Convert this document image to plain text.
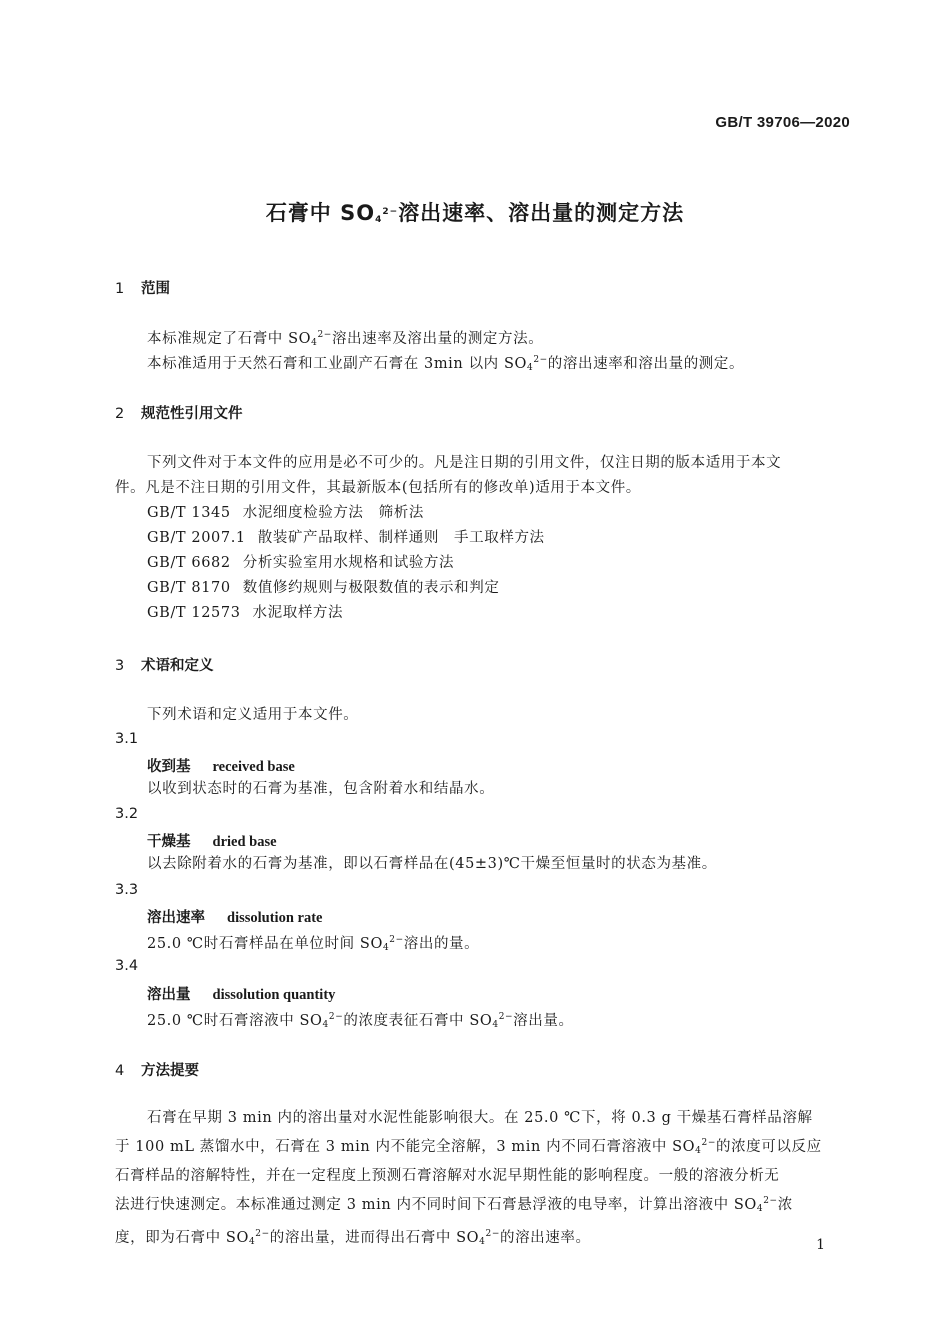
GB/T 39706—2020
石膏中 $SO_4^{2-}$溶出速率、溶出量的测定方法
1 范围
本标准规定了石膏中 $SO_4^{2-}$溶出速率及溶出量的测定方法。
本标准适用于天然石膏和工业副产石膏在 3min 以内 $SO_4^{2-}$的溶出速率和溶出量的测定。
2 规范性引用文件
下列文件对于本文件的应用是必不可少的。凡是注日期的引用文件，仅注日期的版本适用于本文
件。凡是不注日期的引用文件，其最新版本(包括所有的修改单)适用于本文件。
GB/T 1345 水泥细度检验方法　筛析法
GB/T 2007.1 散装矿产品取样、制样通则　手工取样方法
GB/T 6682 分析实验室用水规格和试验方法
GB/T 8170 数值修约规则与极限数值的表示和判定
GB/T 12573 水泥取样方法
3 术语和定义
下列术语和定义适用于本文件。
3.1
收到基 received base
以收到状态时的石膏为基准，包含附着水和结晶水。
3.2
干燥基 dried base
以去除附着水的石膏为基准，即以石膏样品在(45±3)℃干燥至恒量时的状态为基准。
3.3
溶出速率 dissolution rate
25.0 ℃时石膏样品在单位时间 $SO_4^{2-}$溶出的量。
3.4
溶出量 dissolution quantity
25.0 ℃时石膏溶液中 $SO_4^{2-}$的浓度表征石膏中 $SO_4^{2-}$溶出量。
4 方法提要
石膏在早期 3 min 内的溶出量对水泥性能影响很大。在 25.0 ℃下，将 0.3 g 干燥基石膏样品溶解
于 100 mL 蒸馏水中，石膏在 3 min 内不能完全溶解，3 min 内不同石膏溶液中 $SO_4^{2-}$的浓度可以反应
石膏样品的溶解特性，并在一定程度上预测石膏溶解对水泥早期性能的影响程度。一般的溶液分析无
法进行快速测定。本标准通过测定 3 min 内不同时间下石膏悬浮液的电导率，计算出溶液中 $SO_4^{2-}$浓
度，即为石膏中 $SO_4^{2-}$的溶出量，进而得出石膏中 $SO_4^{2-}$的溶出速率。	1
